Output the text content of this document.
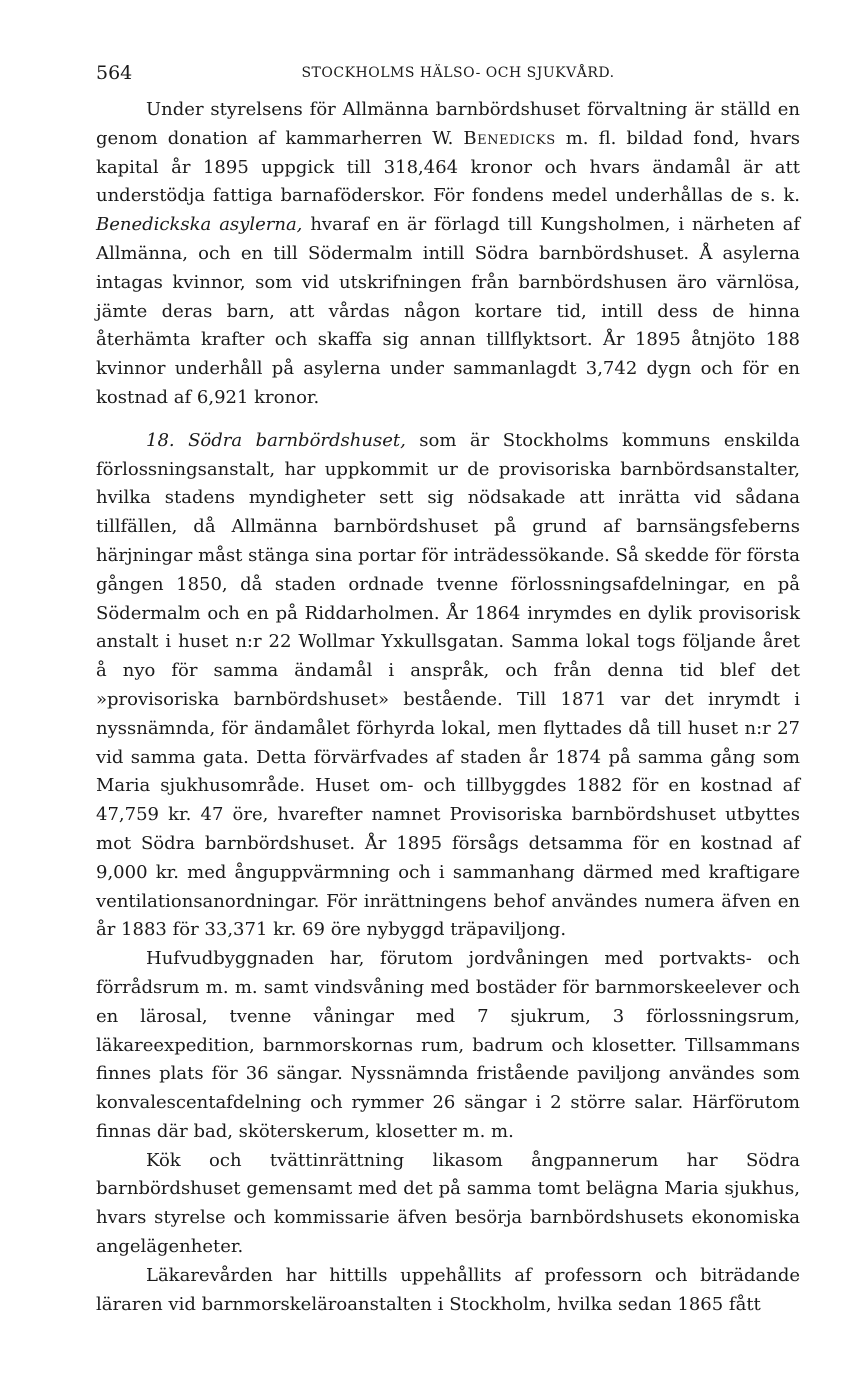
564	STOCKHOLMS HÄLSO- OCH SJUKVÅRD.

Under styrelsens för Allmänna barnbördshuset förvaltning är ställd en genom donation af kammarherren W. Benedicks m. fl. bildad fond, hvars kapital år 1895 uppgick till 318,464 kronor och hvars ändamål är att understödja fattiga barnaföderskor. För fondens medel underhållas de s. k. Benedickska asylerna, hvaraf en är förlagd till Kungsholmen, i närheten af Allmänna, och en till Södermalm intill Södra barnbördshuset. Å asylerna intagas kvinnor, som vid utskrifningen från barnbördshusen äro värnlösa, jämte deras barn, att vårdas någon kortare tid, intill dess de hinna återhämta krafter och skaffa sig annan tillflyktsort. År 1895 åtnjöto 188 kvinnor underhåll på asylerna under sammanlagdt 3,742 dygn och för en kostnad af 6,921 kronor.

18. Södra barnbördshuset, som är Stockholms kommuns enskilda förlossningsanstalt, har uppkommit ur de provisoriska barnbördsanstalter, hvilka stadens myndigheter sett sig nödsakade att inrätta vid sådana tillfällen, då Allmänna barnbördshuset på grund af barnsängsfeberns härjningar måst stänga sina portar för inträdessökande. Så skedde för första gången 1850, då staden ordnade tvenne förlossningsafdelningar, en på Södermalm och en på Riddarholmen. År 1864 inrymdes en dylik provisorisk anstalt i huset n:r 22 Wollmar Yxkullsgatan. Samma lokal togs följande året å nyo för samma ändamål i anspråk, och från denna tid blef det »provisoriska barnbördshuset» bestående. Till 1871 var det inrymdt i nyssnämnda, för ändamålet förhyrda lokal, men flyttades då till huset n:r 27 vid samma gata. Detta förvärfvades af staden år 1874 på samma gång som Maria sjukhusområde. Huset om- och tillbyggdes 1882 för en kostnad af 47,759 kr. 47 öre, hvarefter namnet Provisoriska barnbördshuset utbyttes mot Södra barnbördshuset. År 1895 försågs detsamma för en kostnad af 9,000 kr. med ånguppvärmning och i sammanhang därmed med kraftigare ventilationsanordningar. För inrättningens behof användes numera äfven en år 1883 för 33,371 kr. 69 öre nybyggd träpaviljong.

Hufvudbyggnaden har, förutom jordvåningen med portvakts- och förrådsrum m. m. samt vindsvåning med bostäder för barnmorskeelever och en lärosal, tvenne våningar med 7 sjukrum, 3 förlossningsrum, läkareexpedition, barnmorskornas rum, badrum och klosetter. Tillsammans finnes plats för 36 sängar. Nyssnämnda fristående paviljong användes som konvalescentafdelning och rymmer 26 sängar i 2 större salar. Härförutom finnas där bad, sköterskerum, klosetter m. m.

Kök och tvättinrättning likasom ångpannerum har Södra barnbördshuset gemensamt med det på samma tomt belägna Maria sjukhus, hvars styrelse och kommissarie äfven besörja barnbördshusets ekonomiska angelägenheter.

Läkarevården har hittills uppehållits af professorn och biträdande läraren vid barnmorskeläroanstalten i Stockholm, hvilka sedan 1865 fått
